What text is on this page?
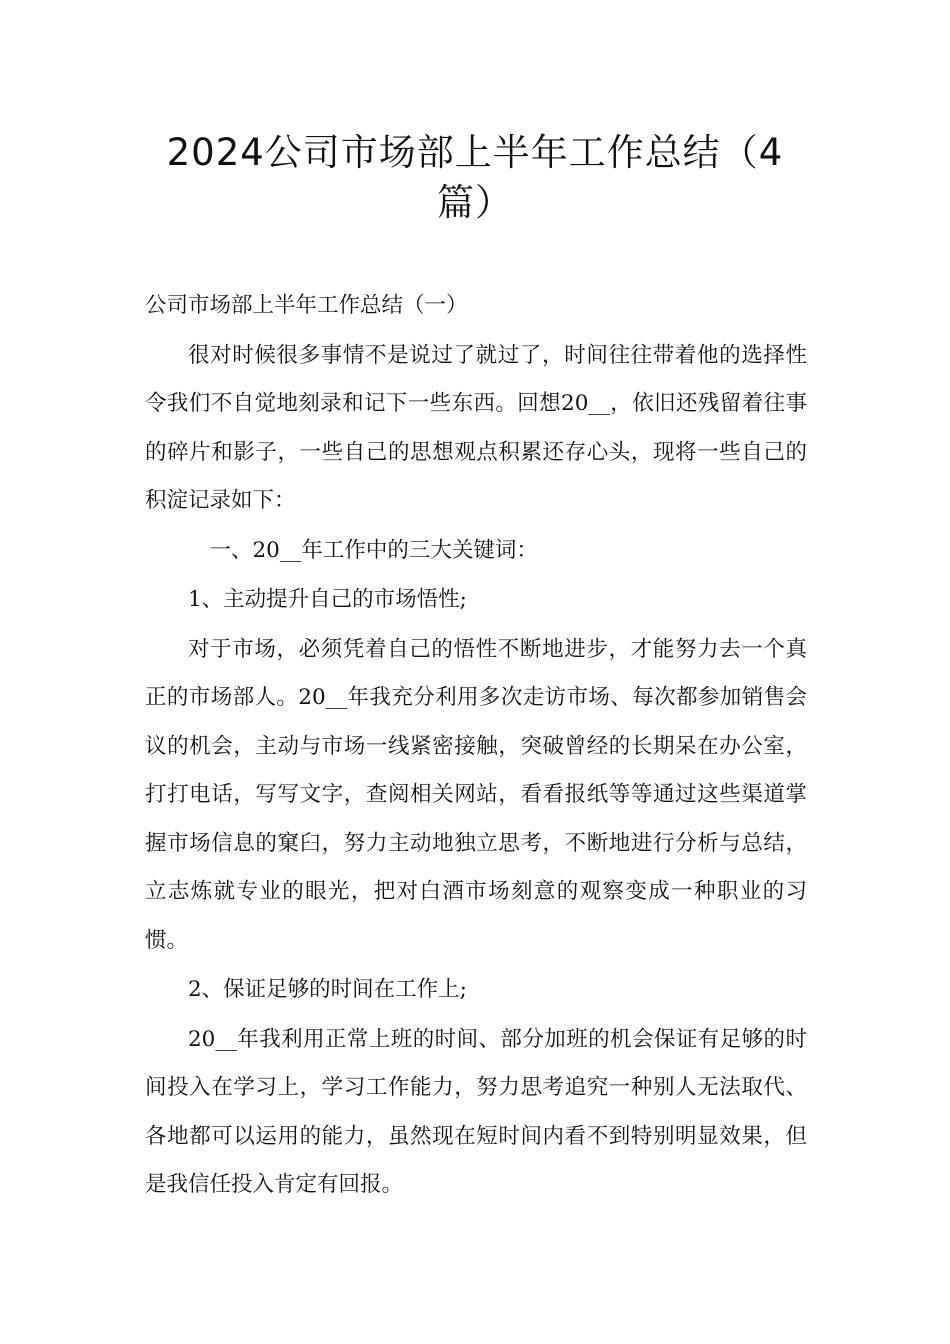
2024公司市场部上半年工作总结（4篇）

公司市场部上半年工作总结（一）

很对时候很多事情不是说过了就过了，时间往往带着他的选择性令我们不自觉地刻录和记下一些东西。回想20__，依旧还残留着往事的碎片和影子，一些自己的思想观点积累还存心头，现将一些自己的积淀记录如下：

一、20__年工作中的三大关键词：

1、主动提升自己的市场悟性;

对于市场，必须凭着自己的悟性不断地进步，才能努力去一个真正的市场部人。20__年我充分利用多次走访市场、每次都参加销售会议的机会，主动与市场一线紧密接触，突破曾经的长期呆在办公室，打打电话，写写文字，查阅相关网站，看看报纸等等通过这些渠道掌握市场信息的窠臼，努力主动地独立思考，不断地进行分析与总结，立志炼就专业的眼光，把对白酒市场刻意的观察变成一种职业的习惯。

2、保证足够的时间在工作上;

20__年我利用正常上班的时间、部分加班的机会保证有足够的时间投入在学习上，学习工作能力，努力思考追究一种别人无法取代、各地都可以运用的能力，虽然现在短时间内看不到特别明显效果，但是我信任投入肯定有回报。
